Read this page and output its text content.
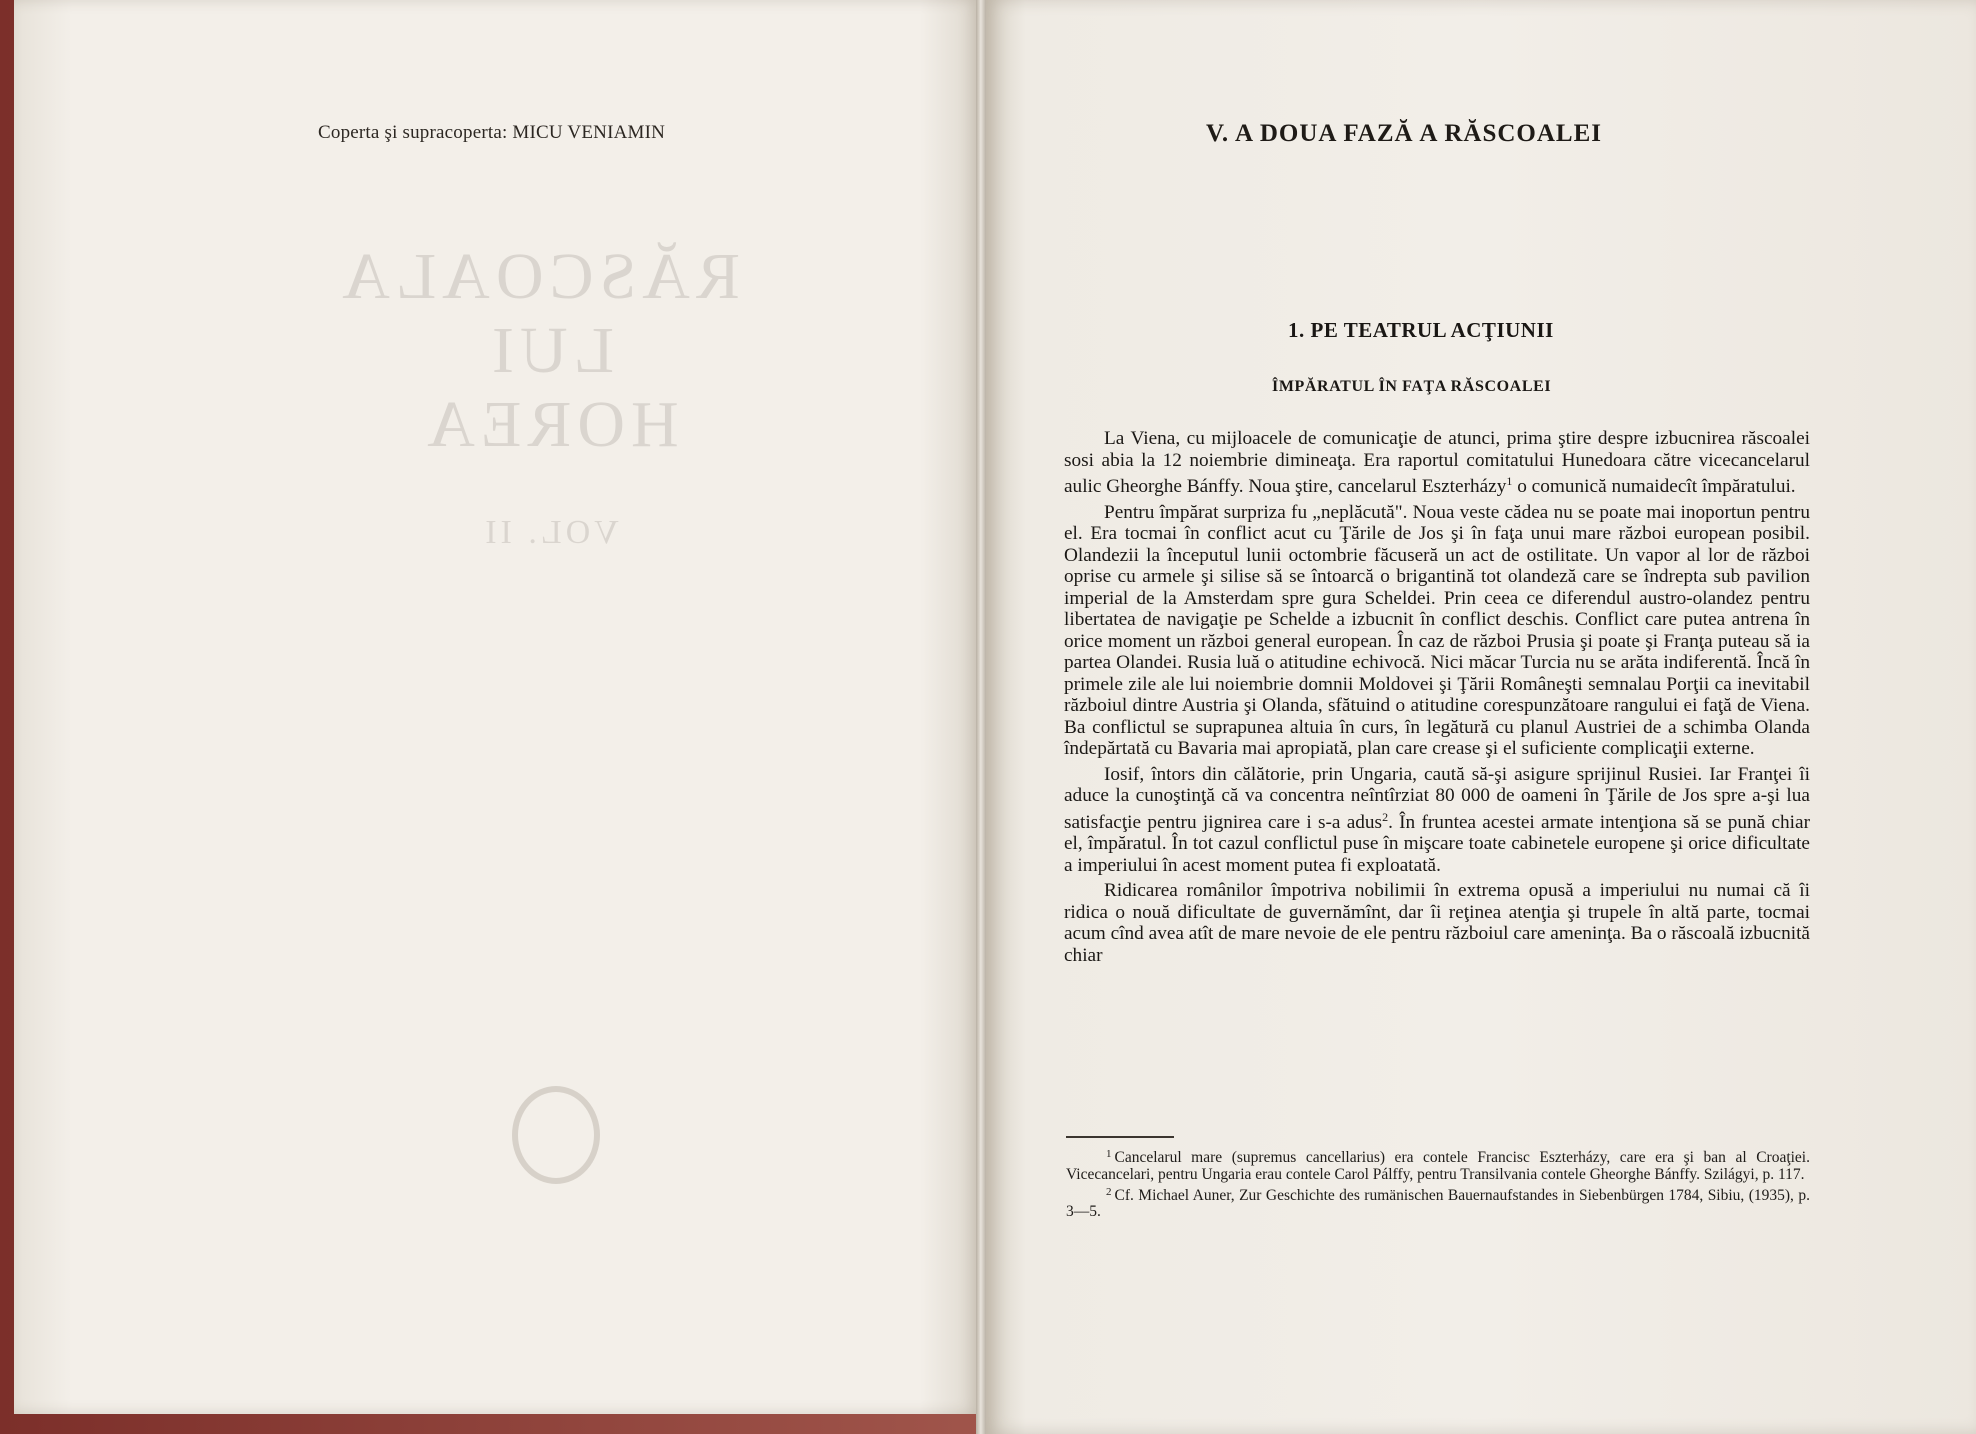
Coperta şi supracoperta: MICU VENIAMIN
RĂSCOALA
LUI
HOREA
VOL. II
V. A DOUA FAZĂ A RĂSCOALEI
1. PE TEATRUL ACŢIUNII
ÎMPĂRATUL ÎN FAŢA RĂSCOALEI

La Viena, cu mijloacele de comunicaţie de atunci, prima ştire despre izbucnirea răscoalei sosi abia la 12 noiembrie dimineaţa. Era raportul comitatului Hunedoara către vicecancelarul aulic Gheorghe Bánffy. Noua ştire, cancelarul Eszterházy$^1$ o comunică numaidecît împăratului.

Pentru împărat surpriza fu „neplăcută". Noua veste cădea nu se poate mai inoportun pentru el. Era tocmai în conflict acut cu Ţările de Jos şi în faţa unui mare război european posibil. Olandezii la începutul lunii octombrie făcuseră un act de ostilitate. Un vapor al lor de război oprise cu armele şi silise să se întoarcă o brigantină tot olandeză care se îndrepta sub pavilion imperial de la Amsterdam spre gura Scheldei. Prin ceea ce diferendul austro-olandez pentru libertatea de navigaţie pe Schelde a izbucnit în conflict deschis. Conflict care putea antrena în orice moment un război general european. În caz de război Prusia şi poate şi Franţa puteau să ia partea Olandei. Rusia luă o atitudine echivocă. Nici măcar Turcia nu se arăta indiferentă. Încă în primele zile ale lui noiembrie domnii Moldovei şi Ţării Româneşti semnalau Porţii ca inevitabil războiul dintre Austria şi Olanda, sfătuind o atitudine corespunzătoare rangului ei faţă de Viena. Ba conflictul se suprapunea altuia în curs, în legătură cu planul Austriei de a schimba Olanda îndepărtată cu Bavaria mai apropiată, plan care crease şi el suficiente complicaţii externe.

Iosif, întors din călătorie, prin Ungaria, caută să-şi asigure sprijinul Rusiei. Iar Franţei îi aduce la cunoştinţă că va concentra neîntîrziat 80 000 de oameni în Ţările de Jos spre a-şi lua satisfacţie pentru jignirea care i s-a adus$^2$. În fruntea acestei armate intenţiona să se pună chiar el, împăratul. În tot cazul conflictul puse în mişcare toate cabinetele europene şi orice dificultate a imperiului în acest moment putea fi exploatată.

Ridicarea românilor împotriva nobilimii în extrema opusă a imperiului nu numai că îi ridica o nouă dificultate de guvernămînt, dar îi reţinea atenţia şi trupele în altă parte, tocmai acum cînd avea atît de mare nevoie de ele pentru războiul care ameninţa. Ba o răscoală izbucnită chiar

$^1$ Cancelarul mare (supremus cancellarius) era contele Francisc Eszterházy, care era şi ban al Croaţiei. Vicecancelari, pentru Ungaria erau contele Carol Pálffy, pentru Transilvania contele Gheorghe Bánffy. Szilágyi, p. 117.

$^2$ Cf. Michael Auner, Zur Geschichte des rumänischen Bauernaufstandes in Siebenbürgen 1784, Sibiu, (1935), p. 3—5.
